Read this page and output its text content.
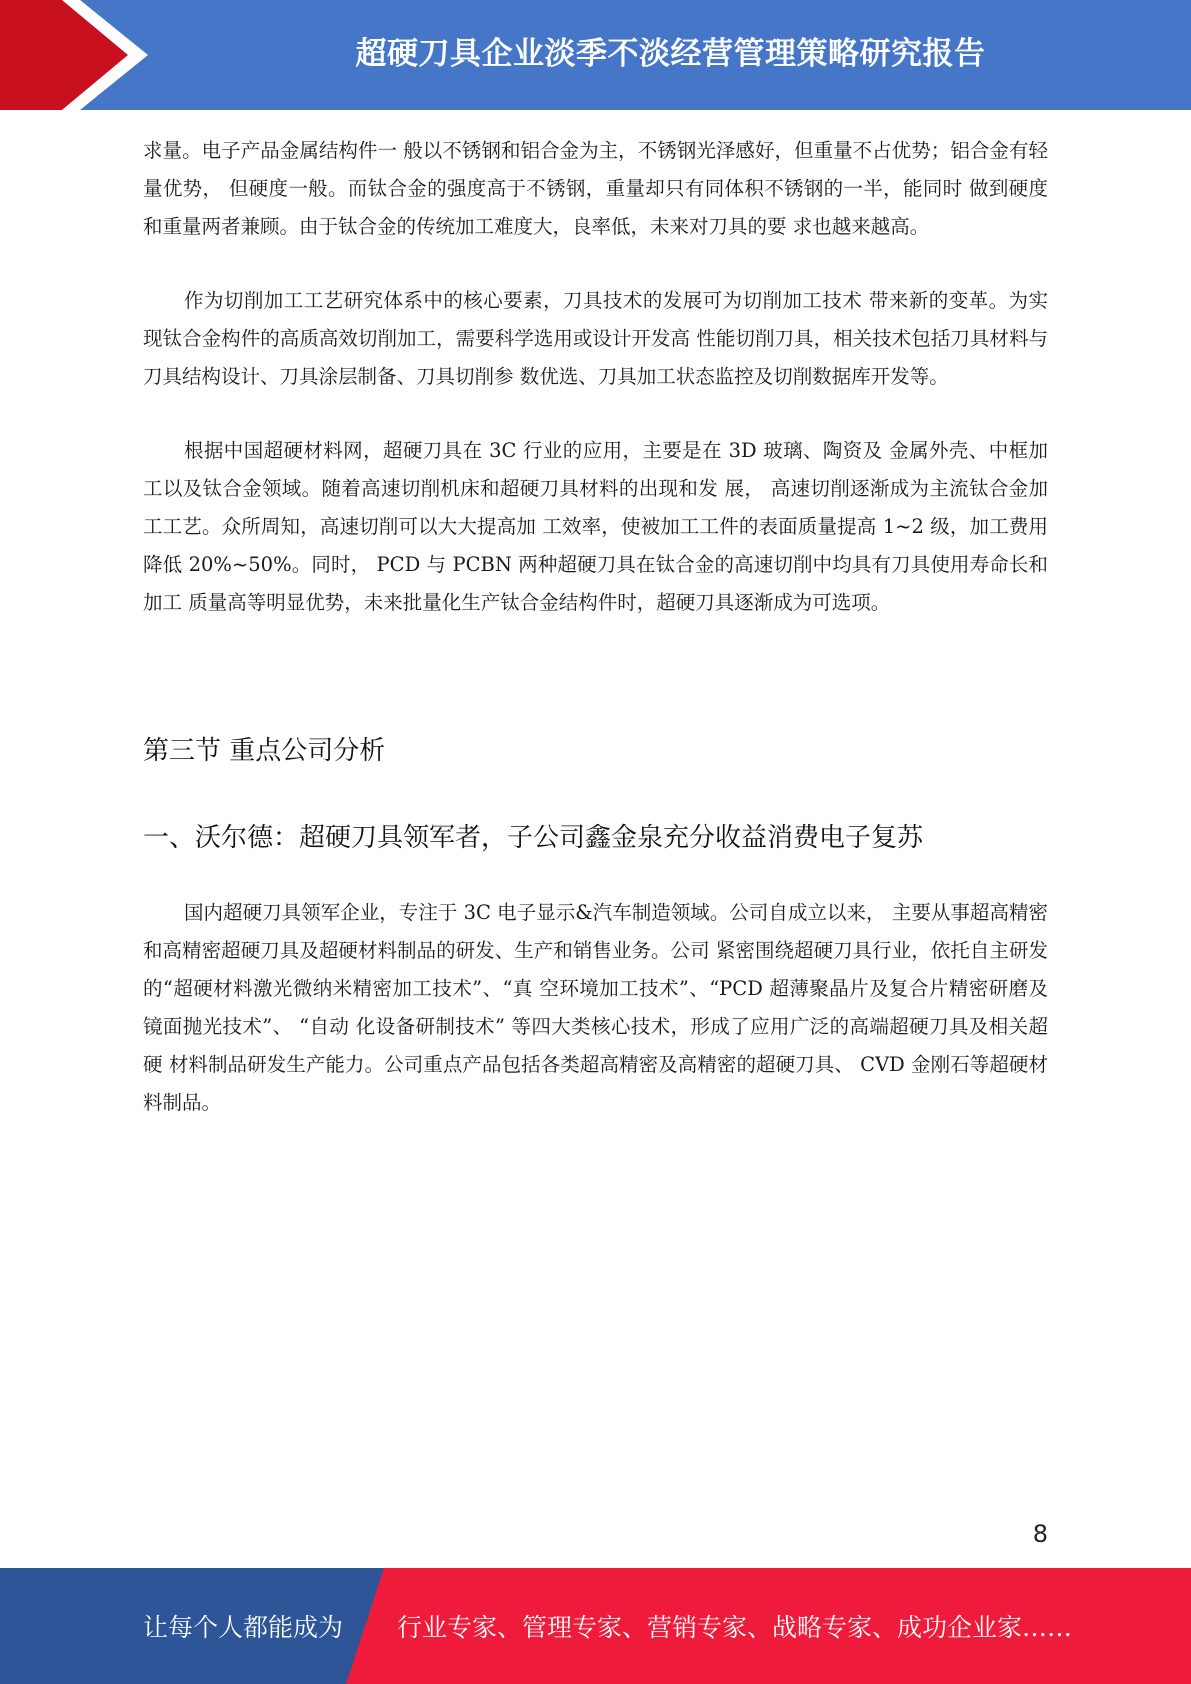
超硬刀具企业淡季不淡经营管理策略研究报告

求量。电子产品金属结构件一 般以不锈钢和铝合金为主，不锈钢光泽感好，但重量不占优势；铝合金有轻量优势， 但硬度一般。而钛合金的强度高于不锈钢，重量却只有同体积不锈钢的一半，能同时 做到硬度和重量两者兼顾。由于钛合金的传统加工难度大，良率低，未来对刀具的要 求也越来越高。

作为切削加工工艺研究体系中的核心要素，刀具技术的发展可为切削加工技术 带来新的变革。为实现钛合金构件的高质高效切削加工，需要科学选用或设计开发高 性能切削刀具，相关技术包括刀具材料与刀具结构设计、刀具涂层制备、刀具切削参 数优选、刀具加工状态监控及切削数据库开发等。

根据中国超硬材料网，超硬刀具在 3C 行业的应用，主要是在 3D 玻璃、陶资及 金属外壳、中框加工以及钛合金领域。随着高速切削机床和超硬刀具材料的出现和发 展， 高速切削逐渐成为主流钛合金加工工艺。众所周知，高速切削可以大大提高加 工效率，使被加工工件的表面质量提高 1~2 级，加工费用降低 20%~50%。同时， PCD 与 PCBN 两种超硬刀具在钛合金的高速切削中均具有刀具使用寿命长和加工 质量高等明显优势，未来批量化生产钛合金结构件时，超硬刀具逐渐成为可选项。

第三节 重点公司分析
一、沃尔德：超硬刀具领军者，子公司鑫金泉充分收益消费电子复苏

国内超硬刀具领军企业，专注于 3C 电子显示&汽车制造领域。公司自成立以来， 主要从事超高精密和高精密超硬刀具及超硬材料制品的研发、生产和销售业务。公司 紧密围绕超硬刀具行业，依托自主研发的“超硬材料激光微纳米精密加工技术”、“真 空环境加工技术”、“PCD 超薄聚晶片及复合片精密研磨及镜面抛光技术”、 “自动 化设备研制技术” 等四大类核心技术，形成了应用广泛的高端超硬刀具及相关超硬 材料制品研发生产能力。公司重点产品包括各类超高精密及高精密的超硬刀具、 CVD 金刚石等超硬材料制品。

8
让每个人都能成为 行业专家、管理专家、营销专家、战略专家、成功企业家……
